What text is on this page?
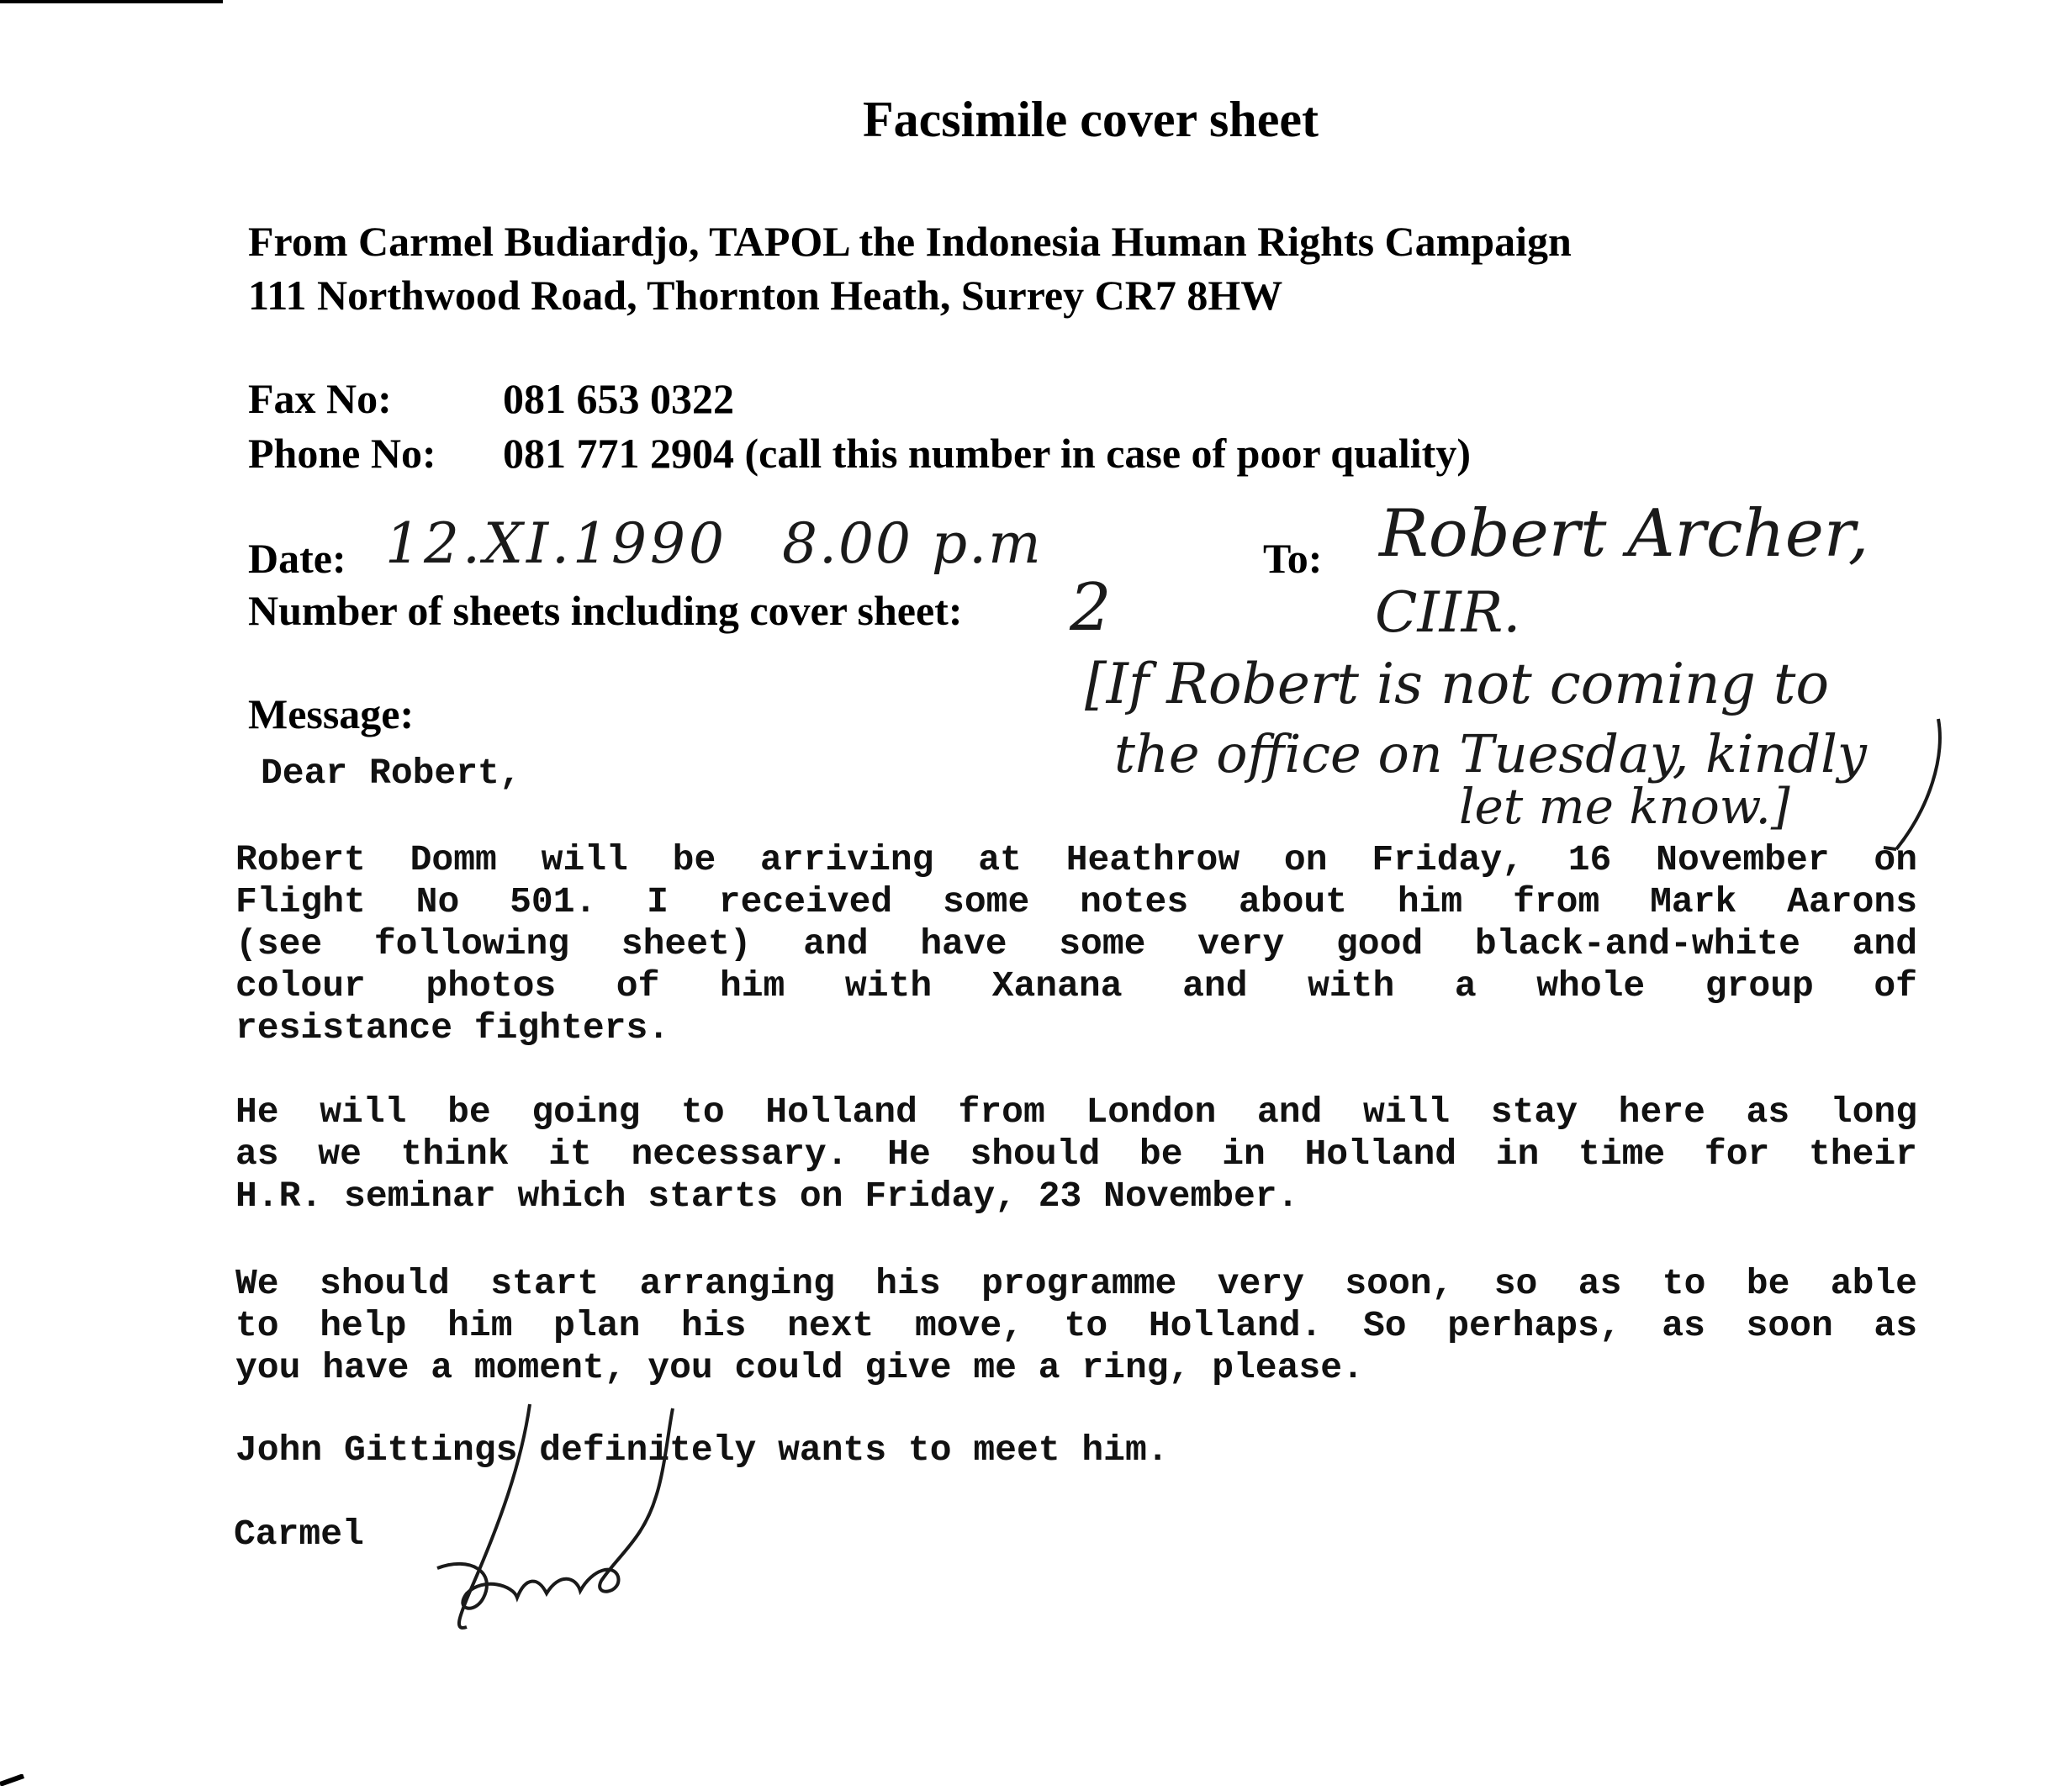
Facsimile cover sheet
From Carmel Budiardjo, TAPOL the Indonesia Human Rights Campaign
111 Northwood Road, Thornton Heath, Surrey CR7 8HW
Fax No:	081 653 0322
Phone No: 081 771 2904 (call this number in case of poor quality)
Date: 12.XI.1990 8.00 p.m
Number of sheets including cover sheet: 2
To: Robert Archer,
CIIR.
[If Robert is not coming to
the office on Tuesday, kindly
let me know.]
Message:
Dear Robert,
Robert Domm will be arriving at Heathrow on Friday, 16 November on
Flight No 501. I received some notes about him from Mark Aarons
(see following sheet) and have some very good black-and-white and
colour photos of him with Xanana and with a whole group of
resistance fighters.
He will be going to Holland from London and will stay here as long
as we think it necessary. He should be in Holland in time for their
H.R. seminar which starts on Friday, 23 November.
We should start arranging his programme very soon, so as to be able
to help him plan his next move, to Holland. So perhaps, as soon as
you have a moment, you could give me a ring, please.
John Gittings definitely wants to meet him.
Carmel
